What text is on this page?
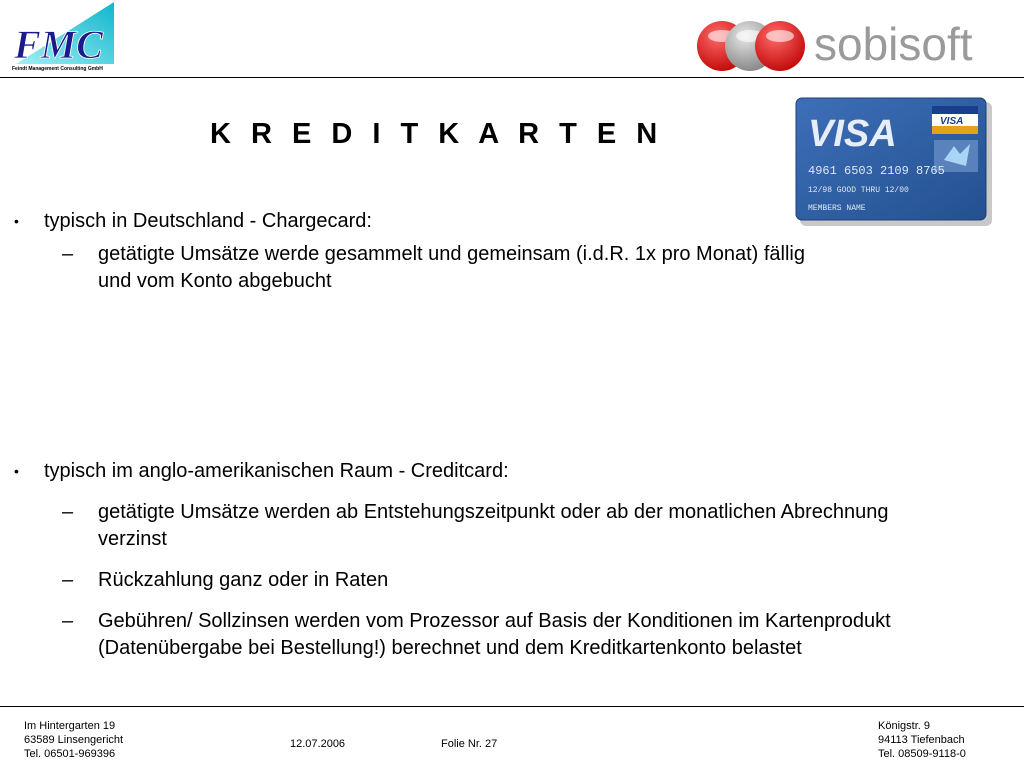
FMC
Feindt Management Consulting GmbH	sobisoft
K R E D I T K A R T E N	VISA	VISA
4961 6503 2109 8765
12/98 GOOD THRU 12/00
MEMBERS NAME
• typisch in Deutschland - Chargecard:
– getätigte Umsätze werde gesammelt und gemeinsam (i.d.R. 1x pro Monat) fällig
und vom Konto abgebucht
• typisch im anglo-amerikanischen Raum - Creditcard:
– getätigte Umsätze werden ab Entstehungszeitpunkt oder ab der monatlichen Abrechnung
verzinst
– Rückzahlung ganz oder in Raten
– Gebühren/ Sollzinsen werden vom Prozessor auf Basis der Konditionen im Kartenprodukt
(Datenübergabe bei Bestellung!) berechnet und dem Kreditkartenkonto belastet
Im Hintergarten 19
63589 Linsengericht
Tel. 06501-969396
12.07.2006	Folie Nr. 27
Königstr. 9
94113 Tiefenbach
Tel. 08509-9118-0
